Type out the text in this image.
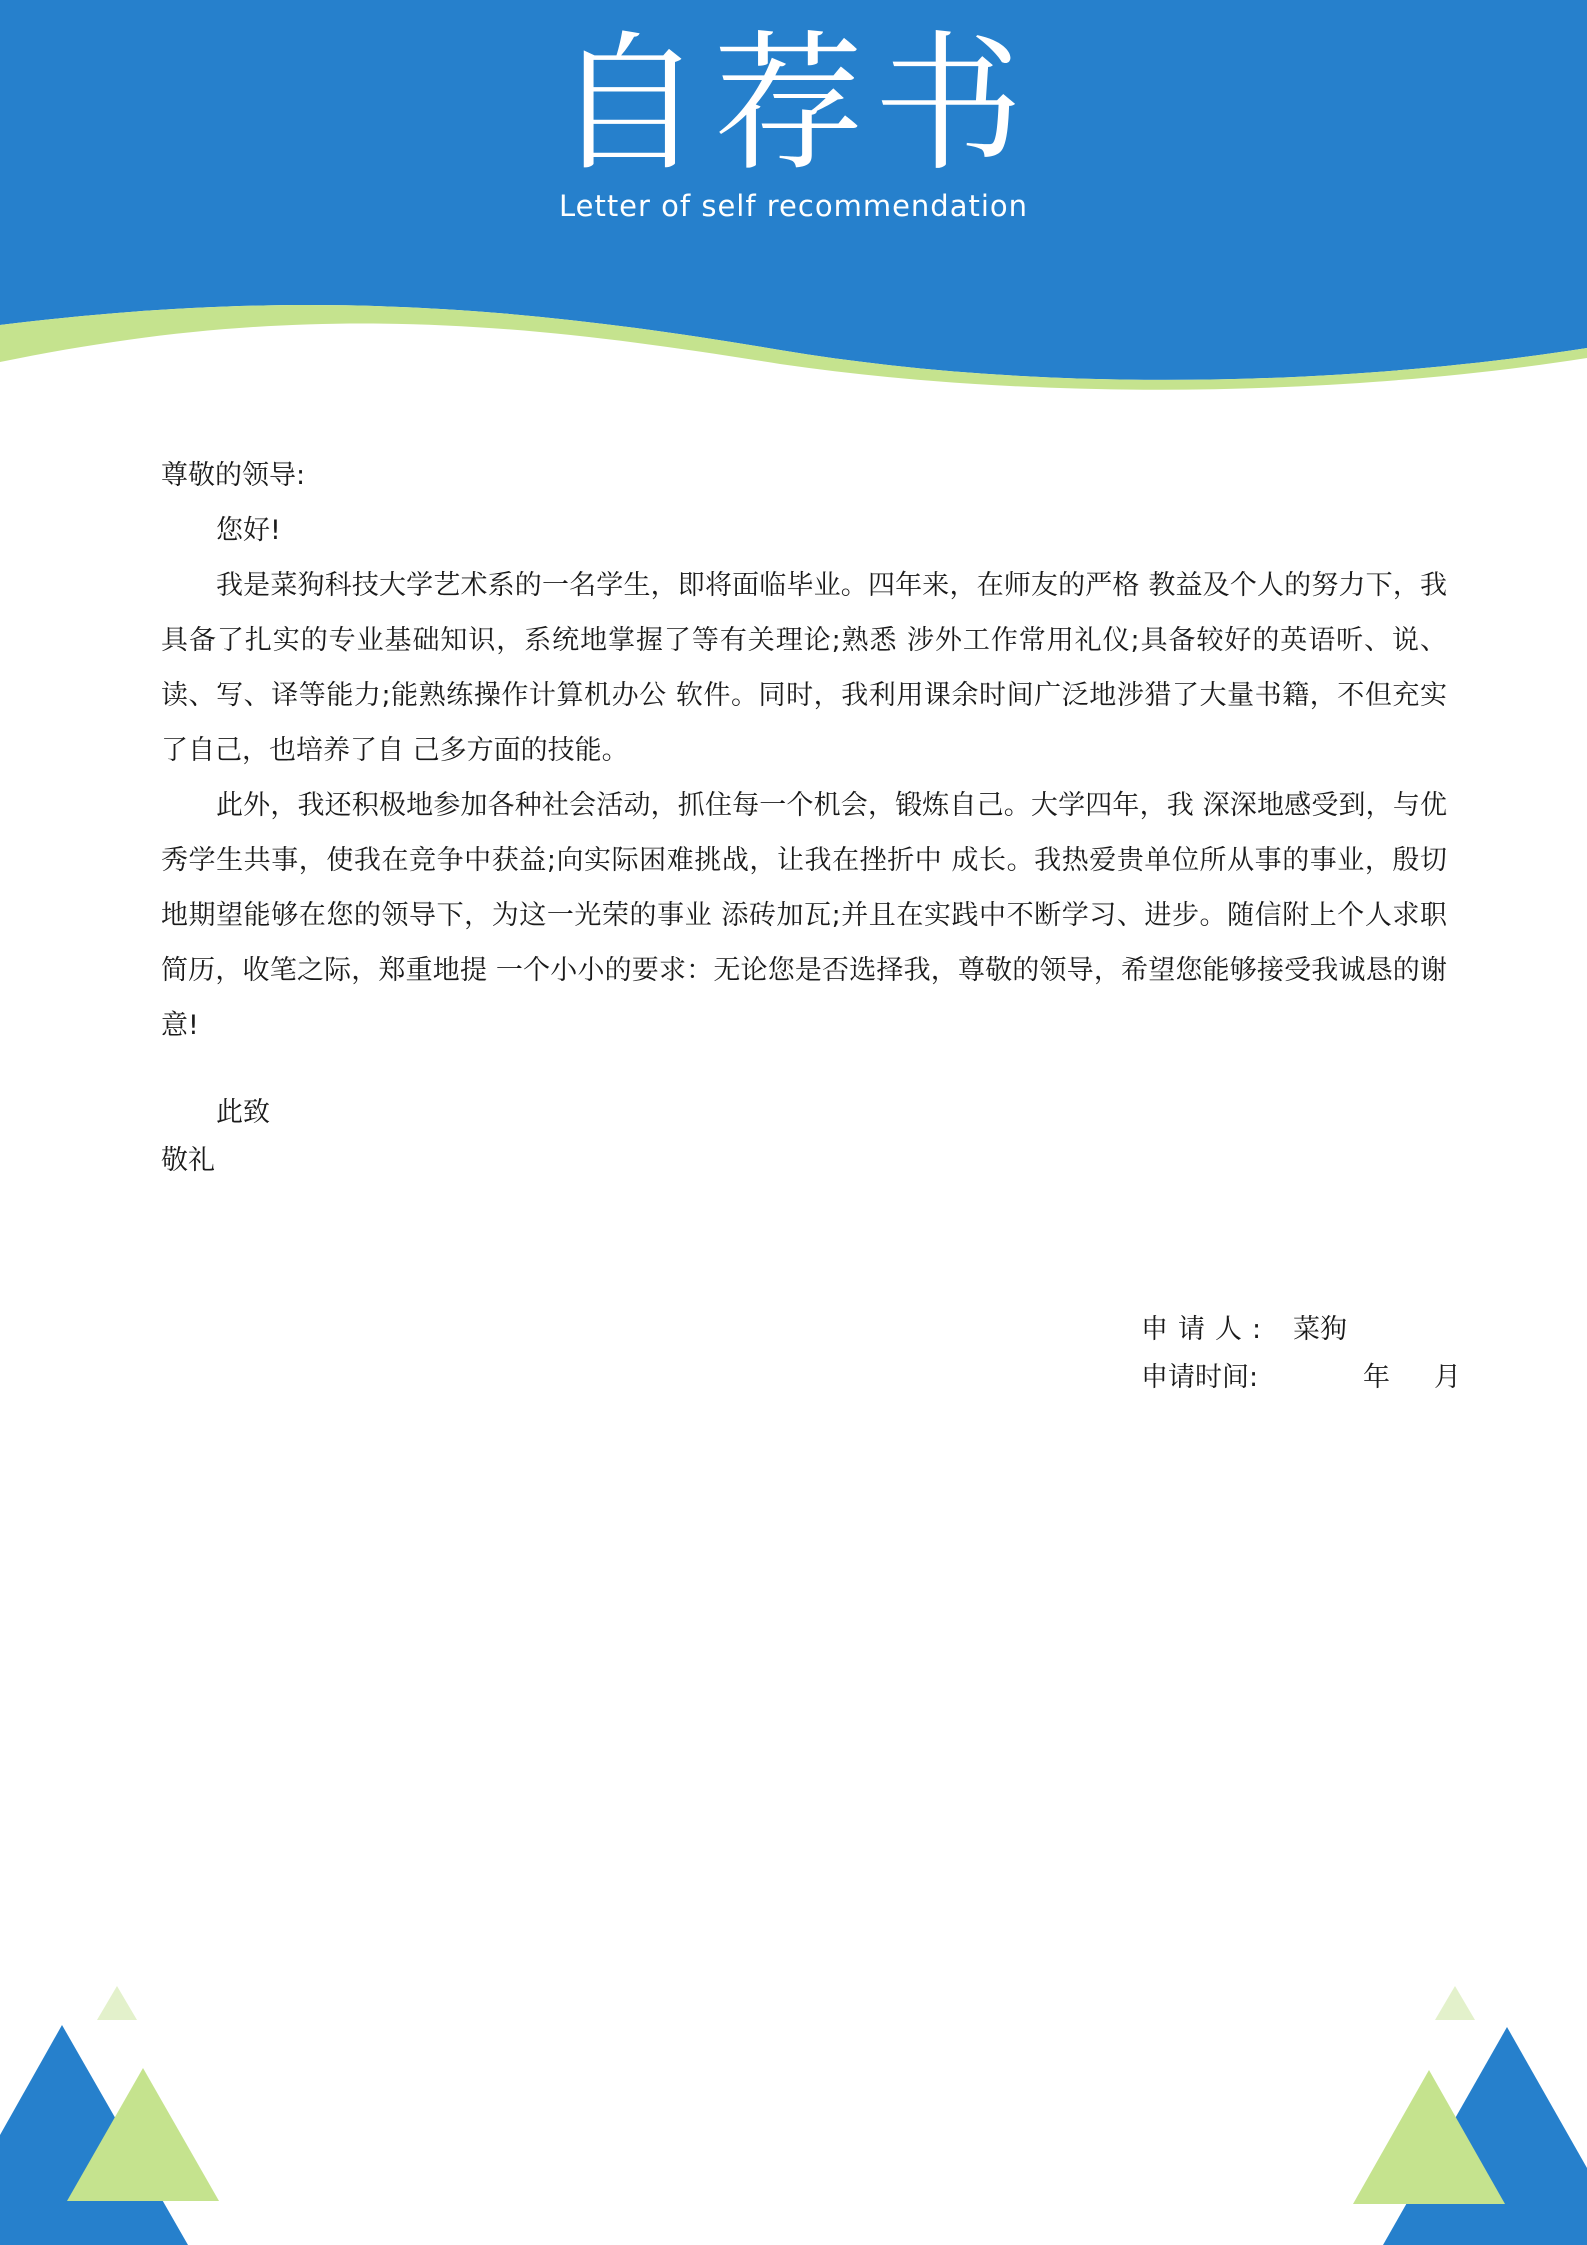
自荐书
Letter of self recommendation

尊敬的领导:

您好!

我是菜狗科技大学艺术系的一名学生，即将面临毕业。四年来，在师友的严格 教益及个人的努力下，我具备了扎实的专业基础知识，系统地掌握了等有关理论;熟悉 涉外工作常用礼仪;具备较好的英语听、说、读、写、译等能力;能熟练操作计算机办公 软件。同时，我利用课余时间广泛地涉猎了大量书籍，不但充实了自己，也培养了自 己多方面的技能。

此外，我还积极地参加各种社会活动，抓住每一个机会，锻炼自己。大学四年，我 深深地感受到，与优秀学生共事，使我在竞争中获益;向实际困难挑战，让我在挫折中 成长。我热爱贵单位所从事的事业，殷切地期望能够在您的领导下，为这一光荣的事业 添砖加瓦;并且在实践中不断学习、进步。随信附上个人求职简历，收笔之际，郑重地提 一个小小的要求：无论您是否选择我，尊敬的领导，希望您能够接受我诚恳的谢意!

此致

敬礼

申请人: 菜狗
申请时间:	年 月
